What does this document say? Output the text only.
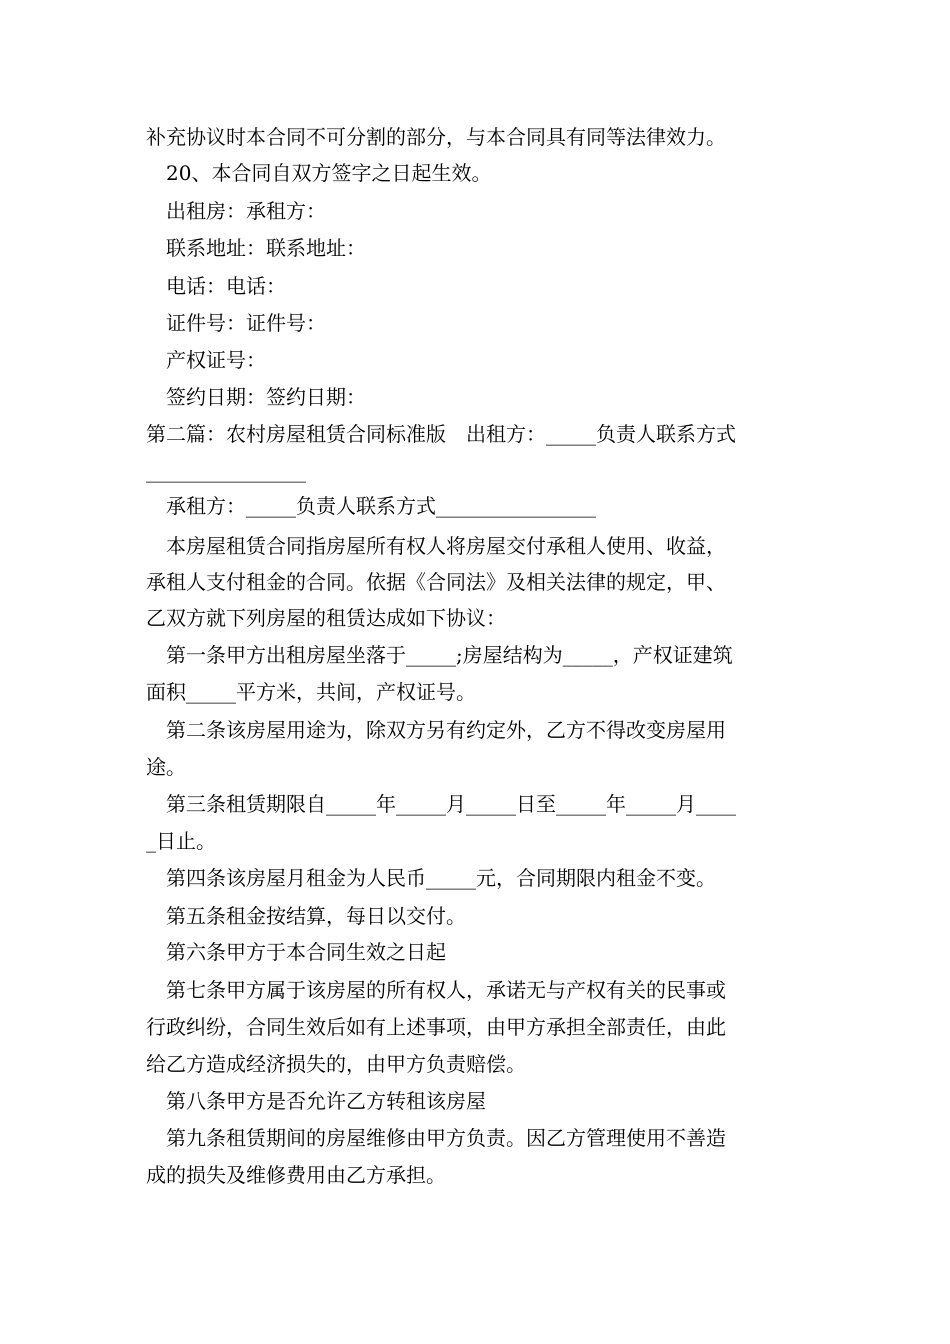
补充协议时本合同不可分割的部分，与本合同具有同等法律效力。
20、本合同自双方签字之日起生效。
出租房：承租方：
联系地址：联系地址：
电话：电话：
证件号：证件号：
产权证号：
签约日期：签约日期：
第二篇：农村房屋租赁合同标准版　出租方：_____负责人联系方式
________________
承租方：_____负责人联系方式________________
本房屋租赁合同指房屋所有权人将房屋交付承租人使用、收益，
承租人支付租金的合同。依据《合同法》及相关法律的规定，甲、
乙双方就下列房屋的租赁达成如下协议：
第一条甲方出租房屋坐落于_____;房屋结构为_____，产权证建筑
面积_____平方米，共间，产权证号。
第二条该房屋用途为，除双方另有约定外，乙方不得改变房屋用
途。
第三条租赁期限自_____年_____月_____日至_____年_____月____
_日止。
第四条该房屋月租金为人民币_____元，合同期限内租金不变。
第五条租金按结算，每日以交付。
第六条甲方于本合同生效之日起
第七条甲方属于该房屋的所有权人，承诺无与产权有关的民事或
行政纠纷，合同生效后如有上述事项，由甲方承担全部责任，由此
给乙方造成经济损失的，由甲方负责赔偿。
第八条甲方是否允许乙方转租该房屋
第九条租赁期间的房屋维修由甲方负责。因乙方管理使用不善造
成的损失及维修费用由乙方承担。
